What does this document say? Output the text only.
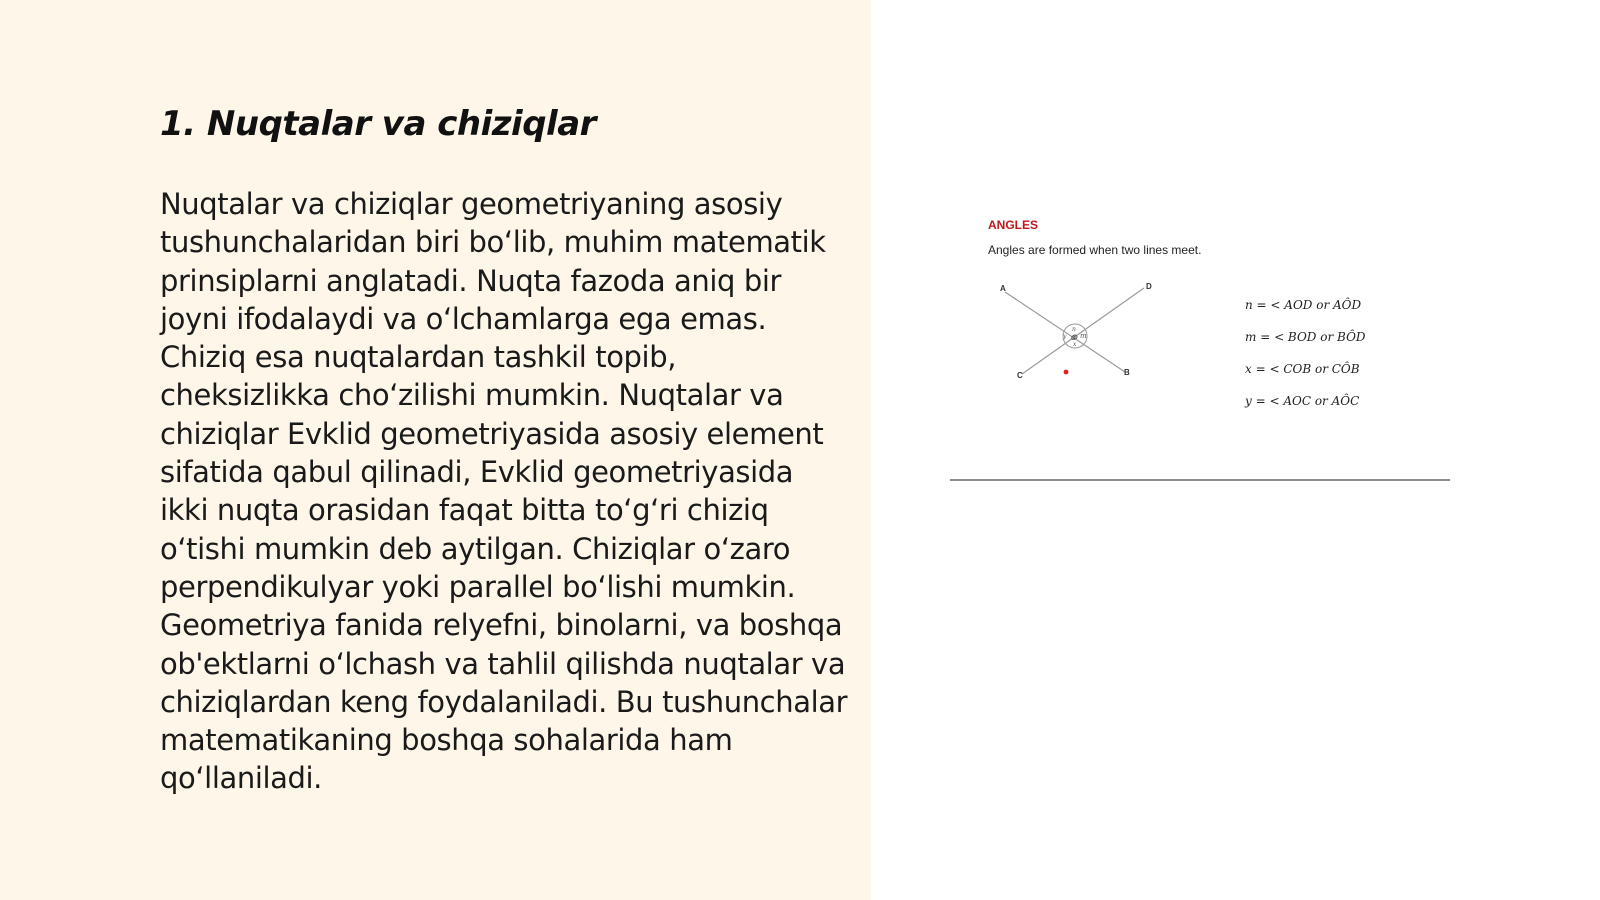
1. Nuqtalar va chiziqlar

Nuqtalar va chiziqlar geometriyaning asosiy tushunchalaridan biri bo‘lib, muhim matematik prinsiplarni anglatadi. Nuqta fazoda aniq bir joyni ifodalaydi va o‘lchamlarga ega emas. Chiziq esa nuqtalardan tashkil topib, cheksizlikka cho‘zilishi mumkin. Nuqtalar va chiziqlar Evklid geometriyasida asosiy element sifatida qabul qilinadi, Evklid geometriyasida ikki nuqta orasidan faqat bitta to‘g‘ri chiziq o‘tishi mumkin deb aytilgan. Chiziqlar o‘zaro perpendikulyar yoki parallel bo‘lishi mumkin. Geometriya fanida relyefni, binolarni, va boshqa ob'ektlarni o‘lchash va tahlil qilishda nuqtalar va chiziqlardan keng foydalaniladi. Bu tushunchalar matematikaning boshqa sohalarida ham qo‘llaniladi.

ANGLES
Angles are formed when two lines meet.
A	D
C	B
O
n
m
x
y
n = < AOD or AÔD
m = < BOD or BÔD
x = < COB or CÔB
y = < AOC or AÔC
